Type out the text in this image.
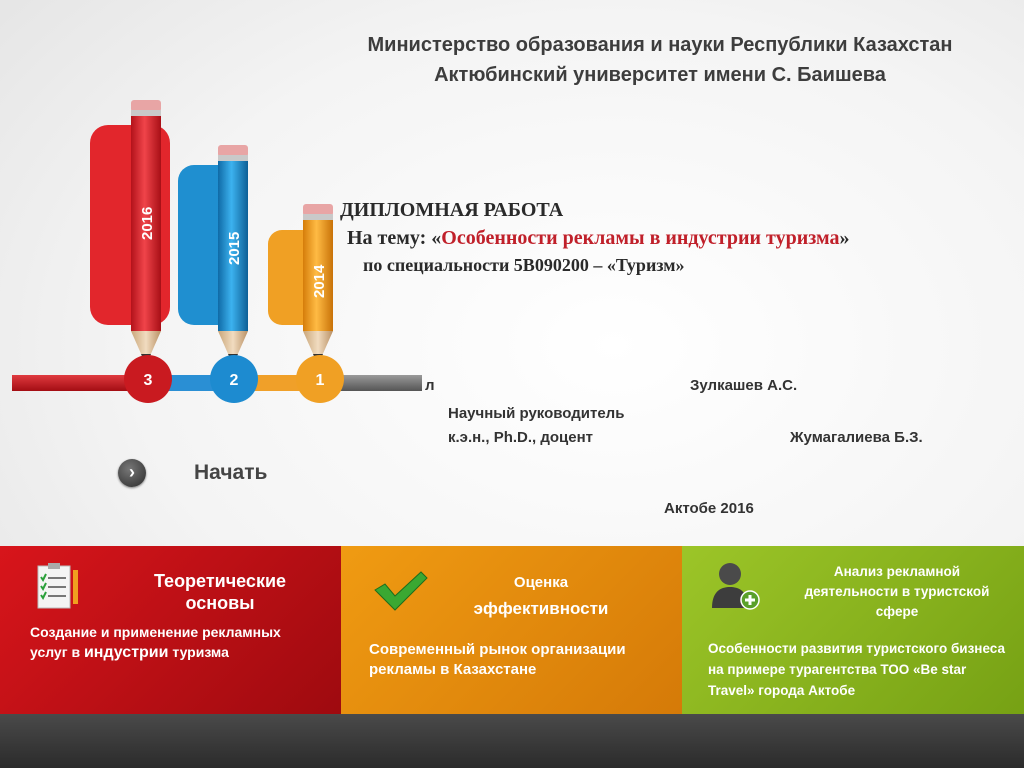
Министерство образования и науки Республики Казахстан
Актюбинский университет имени С. Баишева
2016
2015
2014
3	2	1
ДИПЛОМНАЯ РАБОТА
На тему: «Особенности рекламы в индустрии туризма»
по специальности 5В090200 – «Туризм»
л	Зулкашев А.С.
Научный руководитель
к.э.н., Ph.D., доцент	Жумагалиева Б.З.
Актобе 2016
›	Начать
Теоретические
основы
Создание и применение рекламных услуг в индустрии туризма
Оценка
эффективности
Современный рынок организации рекламы в Казахстане
Анализ рекламной деятельности в туристской сфере
Особенности развития туристского бизнеса на примере турагентства ТОО «Be star Travel» города Актобе
